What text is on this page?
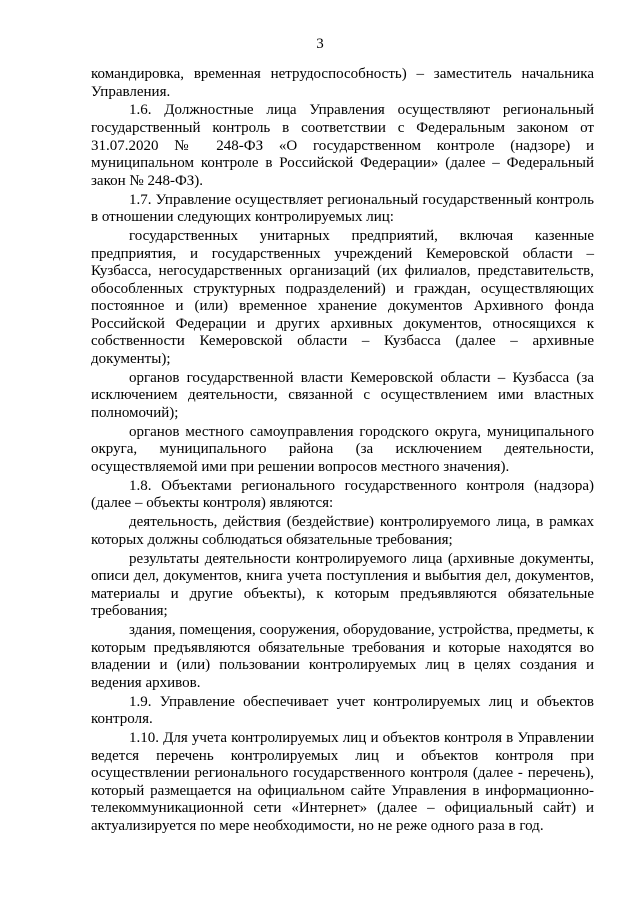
3

командировка, временная нетрудоспособность) – заместитель начальника Управления.

1.6. Должностные лица Управления осуществляют региональный государственный контроль в соответствии с Федеральным законом от 31.07.2020 № 248-ФЗ «О государственном контроле (надзоре) и муниципальном контроле в Российской Федерации» (далее – Федеральный закон № 248-ФЗ).

1.7. Управление осуществляет региональный государственный контроль в отношении следующих контролируемых лиц:

государственных унитарных предприятий, включая казенные предприятия, и государственных учреждений Кемеровской области – Кузбасса, негосударственных организаций (их филиалов, представительств, обособленных структурных подразделений) и граждан, осуществляющих постоянное и (или) временное хранение документов Архивного фонда Российской Федерации и других архивных документов, относящихся к собственности Кемеровской области – Кузбасса (далее – архивные документы);

органов государственной власти Кемеровской области – Кузбасса (за исключением деятельности, связанной с осуществлением ими властных полномочий);

органов местного самоуправления городского округа, муниципального округа, муниципального района (за исключением деятельности, осуществляемой ими при решении вопросов местного значения).

1.8. Объектами регионального государственного контроля (надзора) (далее – объекты контроля) являются:

деятельность, действия (бездействие) контролируемого лица, в рамках которых должны соблюдаться обязательные требования;

результаты деятельности контролируемого лица (архивные документы, описи дел, документов, книга учета поступления и выбытия дел, документов, материалы и другие объекты), к которым предъявляются обязательные требования;

здания, помещения, сооружения, оборудование, устройства, предметы, к которым предъявляются обязательные требования и которые находятся во владении и (или) пользовании контролируемых лиц в целях создания и ведения архивов.

1.9. Управление обеспечивает учет контролируемых лиц и объектов контроля.

1.10. Для учета контролируемых лиц и объектов контроля в Управлении ведется перечень контролируемых лиц и объектов контроля при осуществлении регионального государственного контроля (далее - перечень), который размещается на официальном сайте Управления в информационно-телекоммуникационной сети «Интернет» (далее – официальный сайт) и актуализируется по мере необходимости, но не реже одного раза в год.
